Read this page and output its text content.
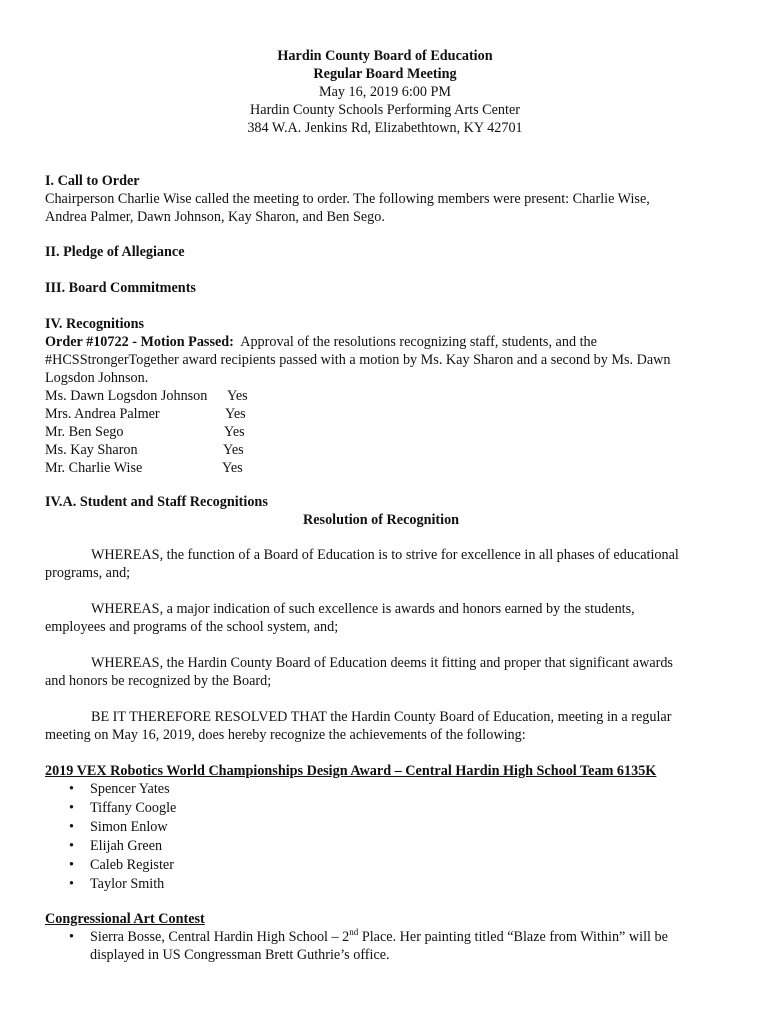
Hardin County Board of Education
Regular Board Meeting
May 16, 2019 6:00 PM
Hardin County Schools Performing Arts Center
384 W.A. Jenkins Rd, Elizabethtown, KY 42701
I. Call to Order
Chairperson Charlie Wise called the meeting to order. The following members were present: Charlie Wise,
Andrea Palmer, Dawn Johnson, Kay Sharon, and Ben Sego.
II. Pledge of Allegiance
III. Board Commitments
IV. Recognitions
Order #10722 - Motion Passed: Approval of the resolutions recognizing staff, students, and the
#HCSStrongerTogether award recipients passed with a motion by Ms. Kay Sharon and a second by Ms. Dawn
Logsdon Johnson.
Ms. Dawn Logsdon Johnson Yes
Mrs. Andrea Palmer	Yes
Mr. Ben Sego	Yes
Ms. Kay Sharon	Yes
Mr. Charlie Wise	Yes
IV.A. Student and Staff Recognitions
Resolution of Recognition
WHEREAS, the function of a Board of Education is to strive for excellence in all phases of educational
programs, and;
WHEREAS, a major indication of such excellence is awards and honors earned by the students,
employees and programs of the school system, and;
WHEREAS, the Hardin County Board of Education deems it fitting and proper that significant awards
and honors be recognized by the Board;
BE IT THEREFORE RESOLVED THAT the Hardin County Board of Education, meeting in a regular
meeting on May 16, 2019, does hereby recognize the achievements of the following:
2019 VEX Robotics World Championships Design Award – Central Hardin High School Team 6135K
• Spencer Yates
• Tiffany Coogle
• Simon Enlow
• Elijah Green
• Caleb Register
• Taylor Smith
Congressional Art Contest
• Sierra Bosse, Central Hardin High School – 2nd Place. Her painting titled “Blaze from Within” will be
displayed in US Congressman Brett Guthrie’s office.
